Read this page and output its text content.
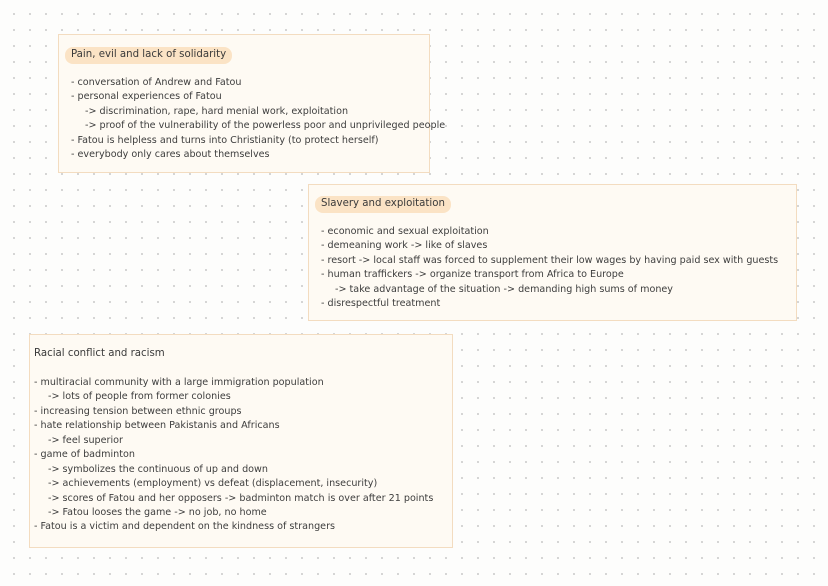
Pain, evil and lack of solidarity
- conversation of Andrew and Fatou
- personal experiences of Fatou
-> discrimination, rape, hard menial work, exploitation
-> proof of the vulnerability of the powerless poor and unprivileged people
- Fatou is helpless and turns into Christianity (to protect herself)
- everybody only cares about themselves
Slavery and exploitation
- economic and sexual exploitation
- demeaning work -> like of slaves
- resort -> local staff was forced to supplement their low wages by having paid sex with guests
- human traffickers -> organize transport from Africa to Europe
-> take advantage of the situation -> demanding high sums of money
- disrespectful treatment
Racial conflict and racism
- multiracial community with a large immigration population
-> lots of people from former colonies
- increasing tension between ethnic groups
- hate relationship between Pakistanis and Africans
-> feel superior
- game of badminton
-> symbolizes the continuous of up and down
-> achievements (employment) vs defeat (displacement, insecurity)
-> scores of Fatou and her opposers -> badminton match is over after 21 points
-> Fatou looses the game -> no job, no home
- Fatou is a victim and dependent on the kindness of strangers
